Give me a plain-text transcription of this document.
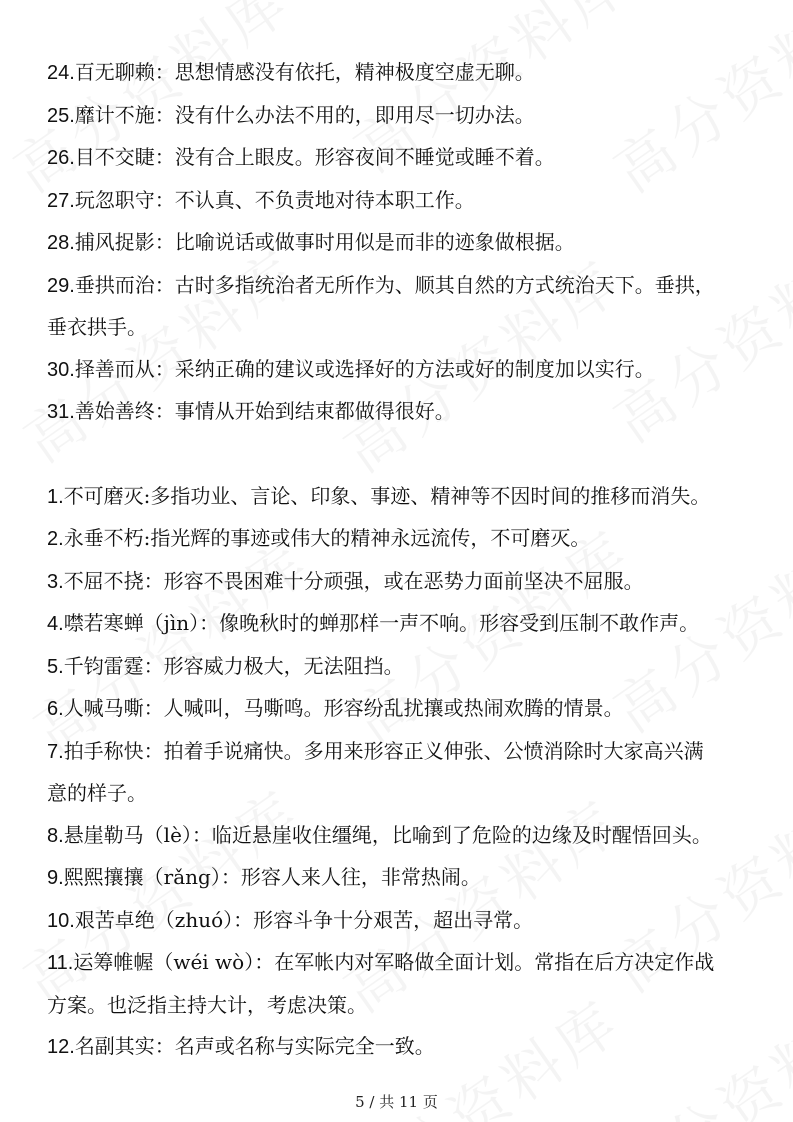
24.百无聊赖：思想情感没有依托，精神极度空虚无聊。

25.靡计不施：没有什么办法不用的，即用尽一切办法。

26.目不交睫：没有合上眼皮。形容夜间不睡觉或睡不着。

27.玩忽职守：不认真、不负责地对待本职工作。

28.捕风捉影：比喻说话或做事时用似是而非的迹象做根据。

29.垂拱而治：古时多指统治者无所作为、顺其自然的方式统治天下。垂拱，

垂衣拱手。

30.择善而从：采纳正确的建议或选择好的方法或好的制度加以实行。

31.善始善终：事情从开始到结束都做得很好。

1.不可磨灭:多指功业、言论、印象、事迹、精神等不因时间的推移而消失。

2.永垂不朽:指光辉的事迹或伟大的精神永远流传，不可磨灭。

3.不屈不挠：形容不畏困难十分顽强，或在恶势力面前坚决不屈服。

4.噤若寒蝉（jìn）：像晚秋时的蝉那样一声不响。形容受到压制不敢作声。

5.千钧雷霆：形容威力极大，无法阻挡。

6.人喊马嘶：人喊叫，马嘶鸣。形容纷乱扰攘或热闹欢腾的情景。

7.拍手称快：拍着手说痛快。多用来形容正义伸张、公愤消除时大家高兴满

意的样子。

8.悬崖勒马（lè）：临近悬崖收住缰绳，比喻到了危险的边缘及时醒悟回头。

9.熙熙攘攘（rǎng）：形容人来人往，非常热闹。

10.艰苦卓绝（zhuó）：形容斗争十分艰苦，超出寻常。

11.运筹帷幄（wéi wò）：在军帐内对军略做全面计划。常指在后方决定作战

方案。也泛指主持大计，考虑决策。

12.名副其实：名声或名称与实际完全一致。

5 / 共 11 页
